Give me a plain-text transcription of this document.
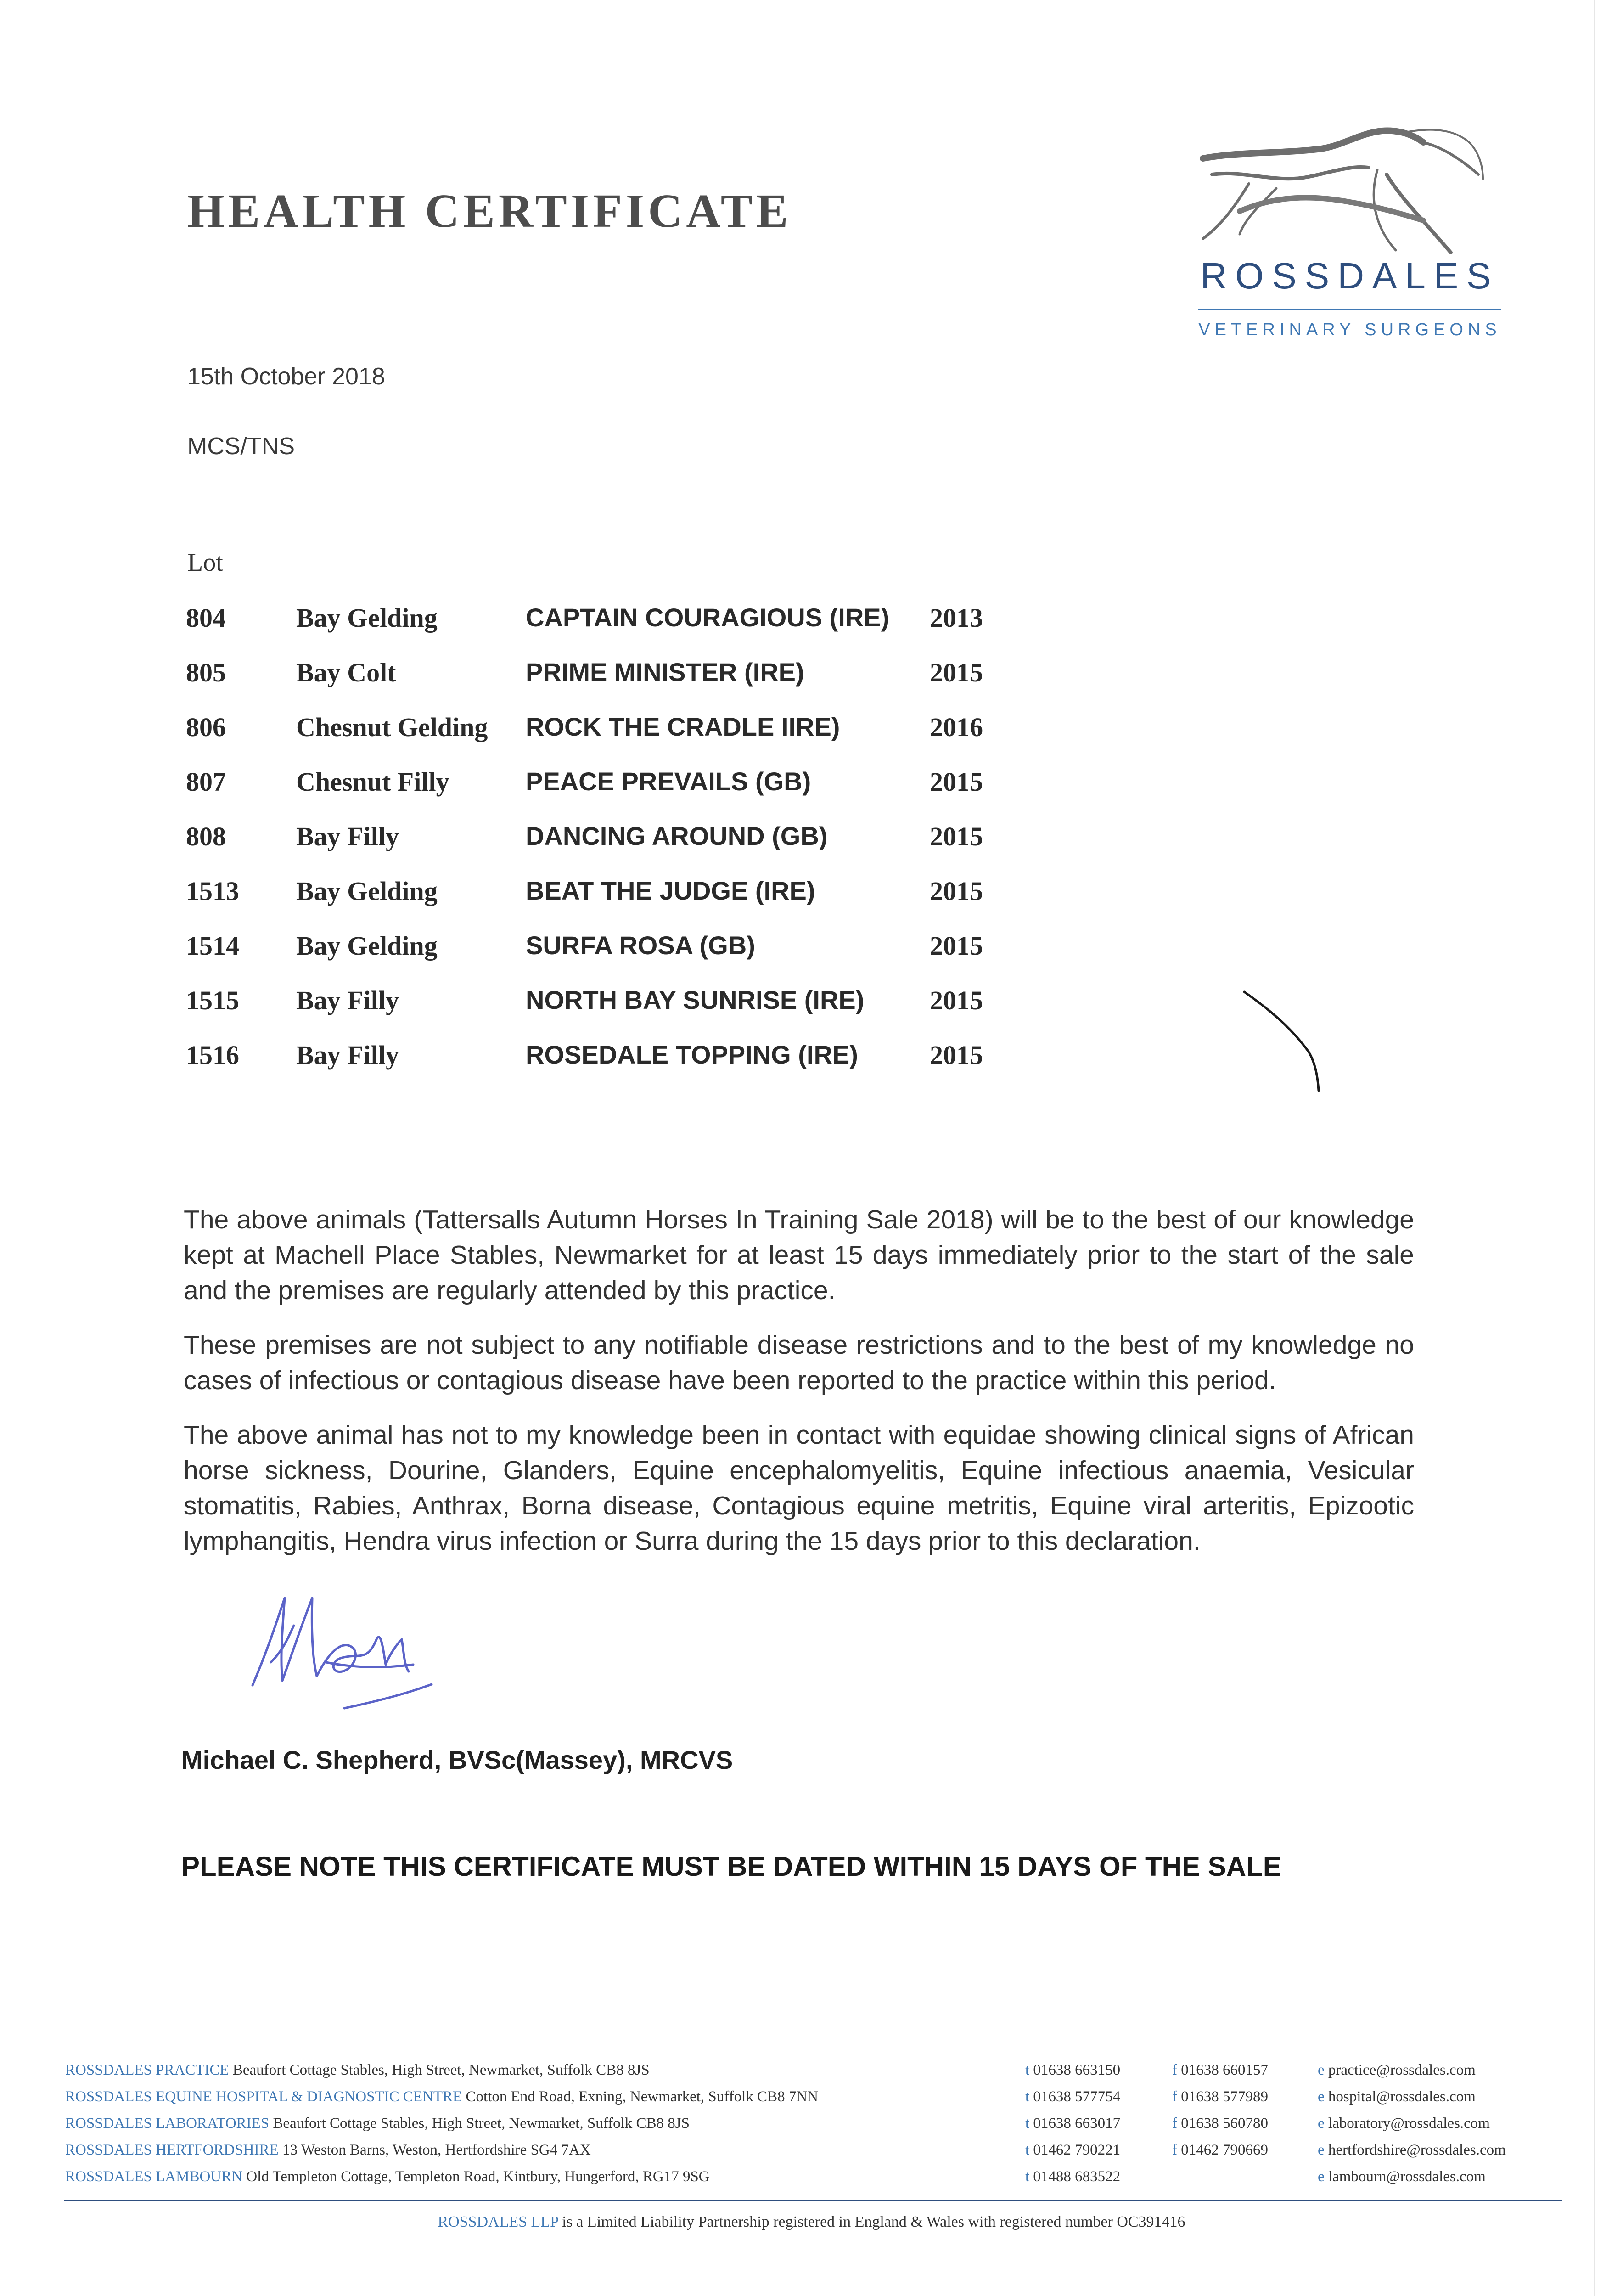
HEALTH CERTIFICATE
ROSSDALES
VETERINARY SURGEONS
15th October 2018
MCS/TNS
Lot
804	Bay Gelding	CAPTAIN COURAGIOUS (IRE) 2013
805	Bay Colt	PRIME MINISTER (IRE)	2015
806	Chesnut Gelding ROCK THE CRADLE IIRE)	2016
807	Chesnut Filly	PEACE PREVAILS (GB)	2015
808	Bay Filly	DANCING AROUND (GB)	2015
1513 Bay Gelding	BEAT THE JUDGE (IRE)	2015
1514 Bay Gelding	SURFA ROSA (GB)	2015
1515 Bay Filly	NORTH BAY SUNRISE (IRE) 2015
1516 Bay Filly	ROSEDALE TOPPING (IRE)	2015
The above animals (Tattersalls Autumn Horses In Training Sale 2018) will be to the best of our knowledge kept at Machell Place Stables, Newmarket for at least 15 days immediately prior to the start of the sale and the premises are regularly attended by this practice.
These premises are not subject to any notifiable disease restrictions and to the best of my knowledge no cases of infectious or contagious disease have been reported to the practice within this period.
The above animal has not to my knowledge been in contact with equidae showing clinical signs of African horse sickness, Dourine, Glanders, Equine encephalomyelitis, Equine infectious anaemia, Vesicular stomatitis, Rabies, Anthrax, Borna disease, Contagious equine metritis, Equine viral arteritis, Epizootic lymphangitis, Hendra virus infection or Surra during the 15 days prior to this declaration.
Michael C. Shepherd, BVSc(Massey), MRCVS
PLEASE NOTE THIS CERTIFICATE MUST BE DATED WITHIN 15 DAYS OF THE SALE
ROSSDALES PRACTICE Beaufort Cottage Stables, High Street, Newmarket, Suffolk CB8 8JS	t 01638 663150	f 01638 660157	e practice@rossdales.com
ROSSDALES EQUINE HOSPITAL & DIAGNOSTIC CENTRE Cotton End Road, Exning, Newmarket, Suffolk CB8 7NN	t 01638 577754	f 01638 577989	e hospital@rossdales.com
ROSSDALES LABORATORIES Beaufort Cottage Stables, High Street, Newmarket, Suffolk CB8 8JS	t 01638 663017	f 01638 560780	e laboratory@rossdales.com
ROSSDALES HERTFORDSHIRE 13 Weston Barns, Weston, Hertfordshire SG4 7AX	t 01462 790221	f 01462 790669	e hertfordshire@rossdales.com
ROSSDALES LAMBOURN Old Templeton Cottage, Templeton Road, Kintbury, Hungerford, RG17 9SG	t 01488 683522	e lambourn@rossdales.com
ROSSDALES LLP is a Limited Liability Partnership registered in England & Wales with registered number OC391416
